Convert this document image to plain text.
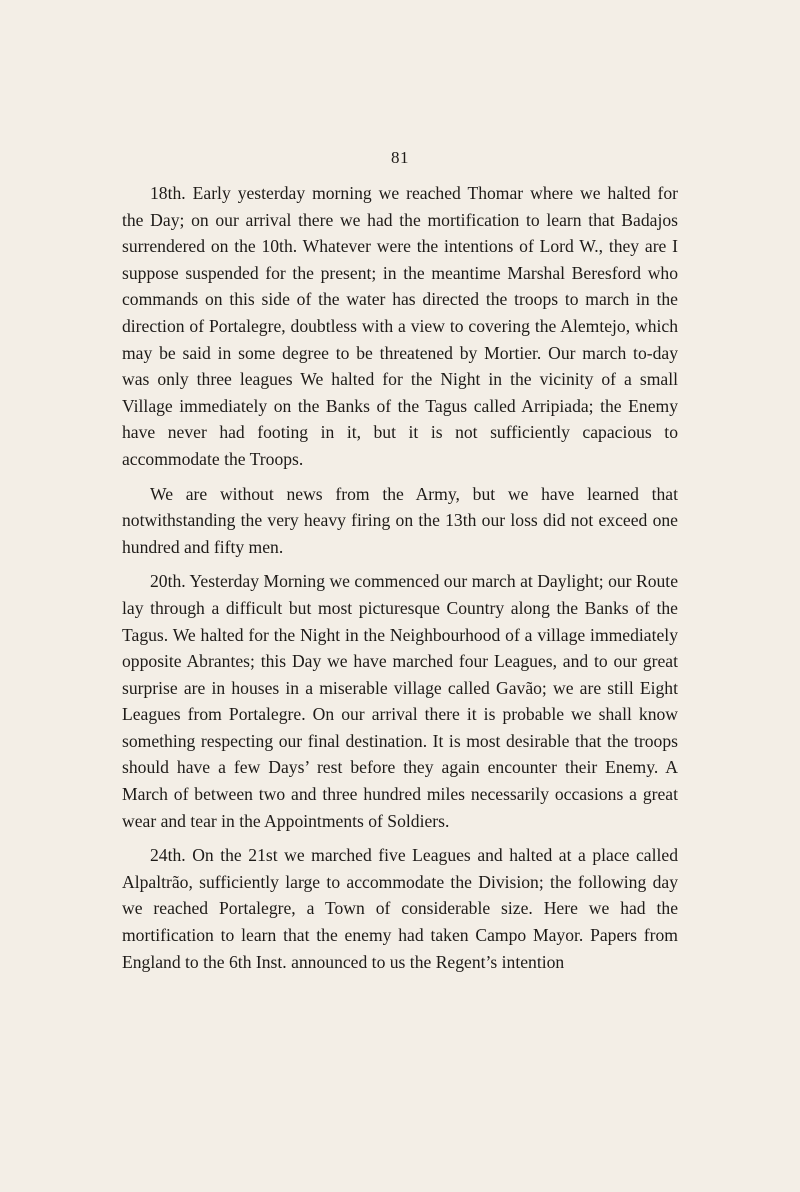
81

18th. Early yesterday morning we reached Thomar where we halted for the Day; on our arrival there we had the mortification to learn that Badajos surrendered on the 10th. Whatever were the intentions of Lord W., they are I suppose suspended for the present; in the meantime Marshal Beresford who commands on this side of the water has directed the troops to march in the direction of Portalegre, doubtless with a view to covering the Alemtejo, which may be said in some degree to be threatened by Mortier. Our march to-day was only three leagues We halted for the Night in the vicinity of a small Village immediately on the Banks of the Tagus called Arripiada; the Enemy have never had footing in it, but it is not sufficiently capacious to accommodate the Troops.

We are without news from the Army, but we have learned that notwithstanding the very heavy firing on the 13th our loss did not exceed one hundred and fifty men.

20th. Yesterday Morning we commenced our march at Daylight; our Route lay through a difficult but most picturesque Country along the Banks of the Tagus. We halted for the Night in the Neighbourhood of a village immediately opposite Abrantes; this Day we have marched four Leagues, and to our great surprise are in houses in a miserable village called Gavão; we are still Eight Leagues from Portalegre. On our arrival there it is probable we shall know something respecting our final destination. It is most desirable that the troops should have a few Days’ rest before they again encounter their Enemy. A March of between two and three hundred miles necessarily occasions a great wear and tear in the Appointments of Soldiers.

24th. On the 21st we marched five Leagues and halted at a place called Alpaltrão, sufficiently large to accommodate the Division; the following day we reached Portalegre, a Town of considerable size. Here we had the mortification to learn that the enemy had taken Campo Mayor. Papers from England to the 6th Inst. announced to us the Regent’s intention
